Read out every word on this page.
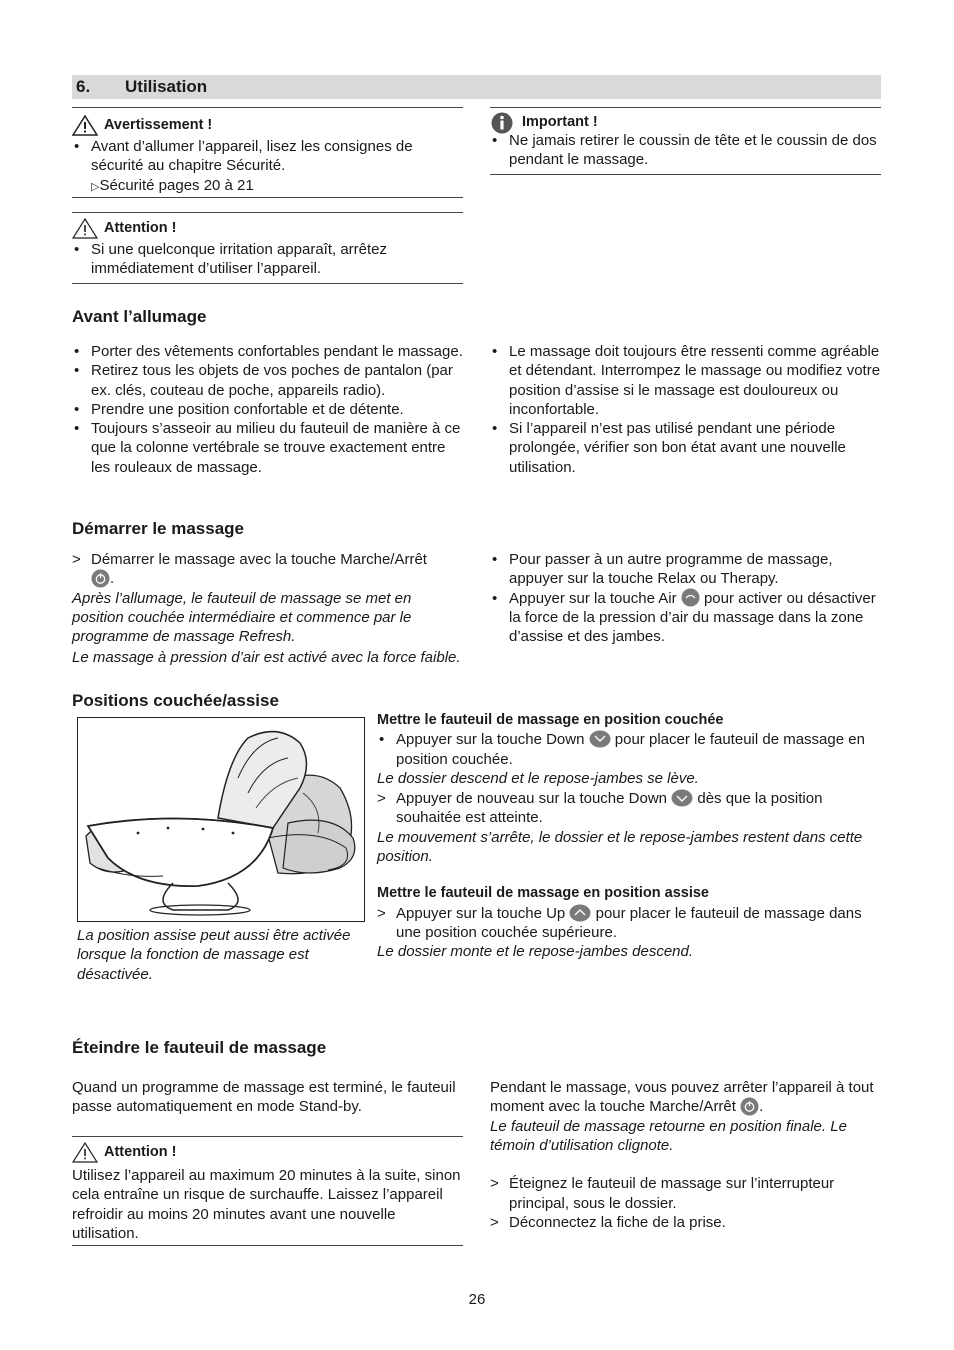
6. Utilisation
Avertissement !
• Avant d’allumer l’appareil, lisez les consignes de sécurité au chapitre Sécurité.
▷Sécurité pages 20 à 21
Attention !
• Si une quelconque irritation apparaît, arrêtez immédiatement d’utiliser l’appareil.
Important !
• Ne jamais retirer le coussin de tête et le coussin de dos pendant le massage.
Avant l’allumage
• Porter des vêtements confortables pendant le massage.
• Retirez tous les objets de vos poches de pantalon (par ex. clés, couteau de poche, appareils radio).
• Prendre une position confortable et de détente.
• Toujours s’asseoir au milieu du fauteuil de manière à ce que la colonne vertébrale se trouve exactement entre les rouleaux de massage.
• Le massage doit toujours être ressenti comme agréable et détendant. Interrompez le massage ou modifiez votre position d’assise si le massage est douloureux ou inconfortable.
• Si l’appareil n’est pas utilisé pendant une période prolongée, vérifier son bon état avant une nouvelle utilisation.
Démarrer le massage
> Démarrer le massage avec la touche Marche/Arrêt
.
Après l’allumage, le fauteuil de massage se met en position couchée intermédiaire et commence par le programme de massage Refresh.
Le massage à pression d’air est activé avec la force faible.
• Pour passer à un autre programme de massage, appuyer sur la touche Relax ou Therapy.
• Appuyer sur la touche Air pour activer ou désactiver la force de la pression d’air du massage dans la zone d’assise et des jambes.
Positions couchée/assise
La position assise peut aussi être activée lorsque la fonction de massage est désactivée.
Mettre le fauteuil de massage en position couchée
• Appuyer sur la touche Down pour placer le fauteuil de massage en position couchée.
Le dossier descend et le repose-jambes se lève.
> Appuyer de nouveau sur la touche Down dès que la position souhaitée est atteinte.
Le mouvement s’arrête, le dossier et le repose-jambes restent dans cette position.
Mettre le fauteuil de massage en position assise
> Appuyer sur la touche Up pour placer le fauteuil de massage dans une position couchée supérieure.
Le dossier monte et le repose-jambes descend.
Éteindre le fauteuil de massage
Quand un programme de massage est terminé, le fauteuil passe automatiquement en mode Stand-by.
Attention !
Utilisez l’appareil au maximum 20 minutes à la suite, sinon cela entraîne un risque de surchauffe. Laissez l’appareil refroidir au moins 20 minutes avant une nouvelle utilisation.
Pendant le massage, vous pouvez arrêter l’appareil à tout moment avec la touche Marche/Arrêt .
Le fauteuil de massage retourne en position finale. Le témoin d’utilisation clignote.
> Éteignez le fauteuil de massage sur l’interrupteur principal, sous le dossier.
> Déconnectez la fiche de la prise.
26
